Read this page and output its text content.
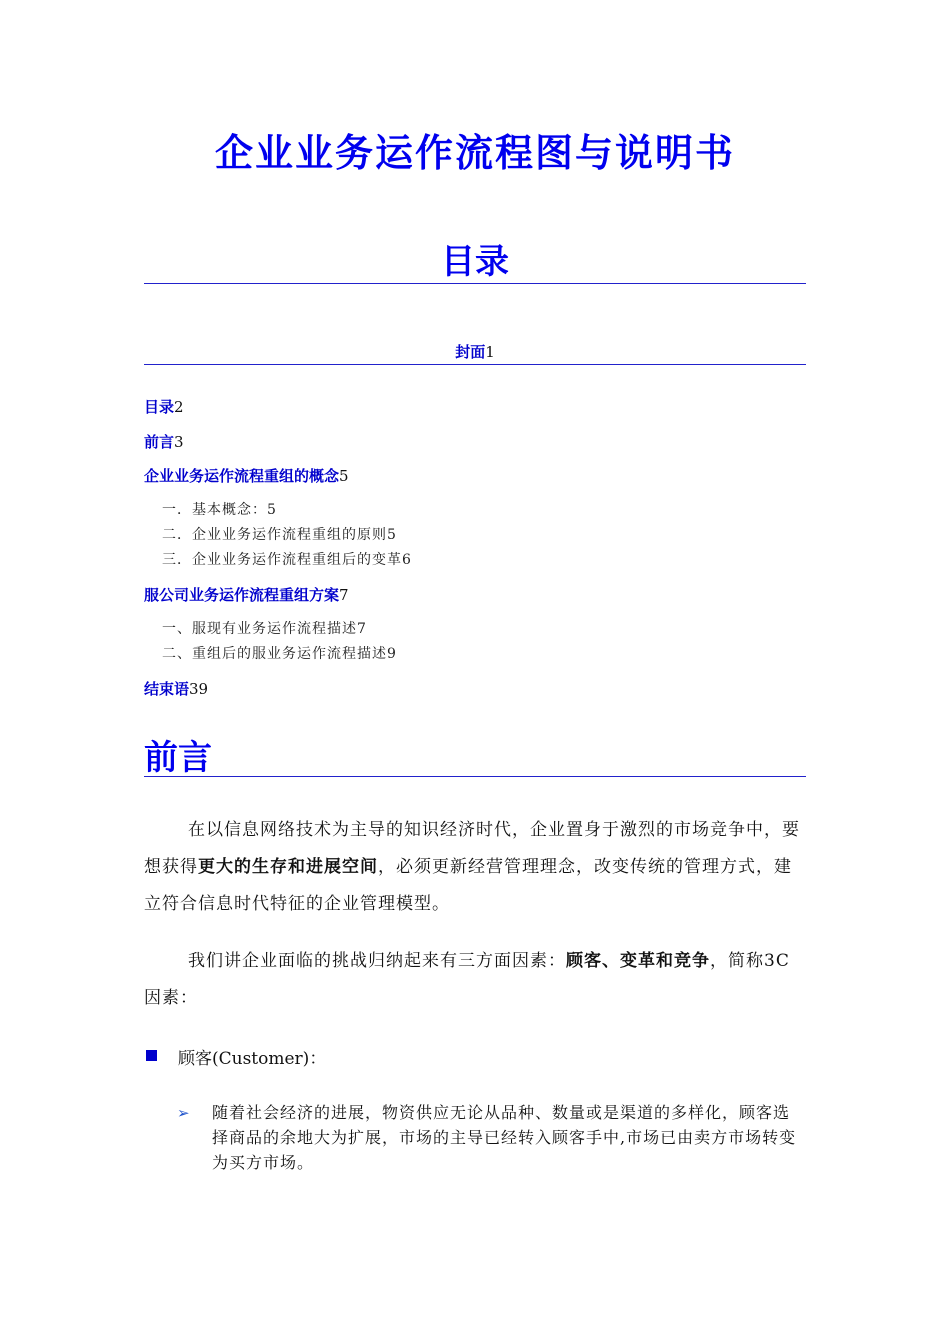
企业业务运作流程图与说明书
目录
封面1
目录2
前言3
企业业务运作流程重组的概念5
一．基本概念：5
二．企业业务运作流程重组的原则5
三．企业业务运作流程重组后的变革6
服公司业务运作流程重组方案7
一、服现有业务运作流程描述7
二、重组后的服业务运作流程描述9
结束语39
前言
在以信息网络技术为主导的知识经济时代，企业置身于激烈的市场竞争中，要想获得更大的生存和进展空间，必须更新经营管理理念，改变传统的管理方式，建立符合信息时代特征的企业管理模型。
我们讲企业面临的挑战归纳起来有三方面因素：顾客、变革和竞争，简称3C因素：
顾客(Customer)：
➢ 随着社会经济的进展，物资供应无论从品种、数量或是渠道的多样化，顾客选择商品的余地大为扩展，市场的主导已经转入顾客手中,市场已由卖方市场转变为买方市场。
